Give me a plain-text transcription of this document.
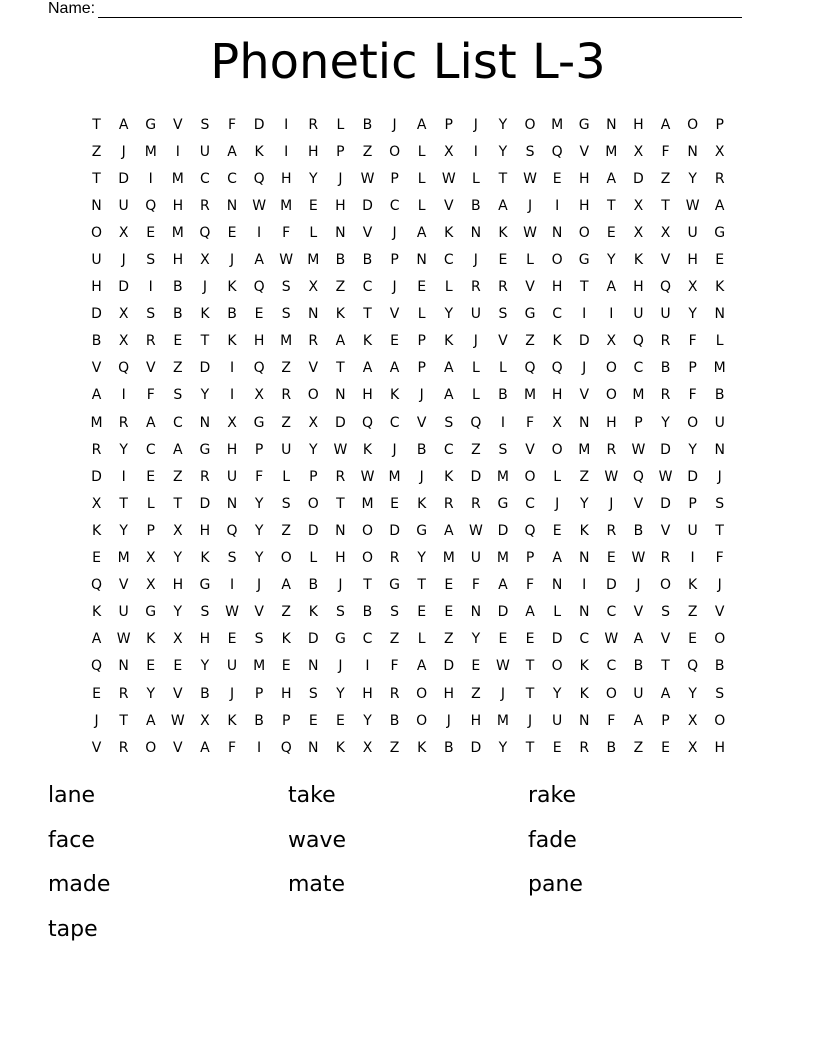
Name:
Phonetic List L-3
T	A	G	V	S	F	D	I	R	L	B	J	A	P	J	Y	O	M	G	N	H	A	O	P
Z	J	M	I	U	A	K	I	H	P	Z	O	L	X	I	Y	S	Q	V	M	X	F	N	X
T	D	I	M	C	C	Q	H	Y	J	W	P	L	W	L	T	W	E	H	A	D	Z	Y	R
N	U	Q	H	R	N	W	M	E	H	D	C	L	V	B	A	J	I	H	T	X	T	W	A
O	X	E	M	Q	E	I	F	L	N	V	J	A	K	N	K	W	N	O	E	X	X	U	G
U	J	S	H	X	J	A	W	M	B	B	P	N	C	J	E	L	O	G	Y	K	V	H	E
H	D	I	B	J	K	Q	S	X	Z	C	J	E	L	R	R	V	H	T	A	H	Q	X	K
D	X	S	B	K	B	E	S	N	K	T	V	L	Y	U	S	G	C	I	I	U	U	Y	N
B	X	R	E	T	K	H	M	R	A	K	E	P	K	J	V	Z	K	D	X	Q	R	F	L
V	Q	V	Z	D	I	Q	Z	V	T	A	A	P	A	L	L	Q	Q	J	O	C	B	P	M
A	I	F	S	Y	I	X	R	O	N	H	K	J	A	L	B	M	H	V	O	M	R	F	B
M	R	A	C	N	X	G	Z	X	D	Q	C	V	S	Q	I	F	X	N	H	P	Y	O	U
R	Y	C	A	G	H	P	U	Y	W	K	J	B	C	Z	S	V	O	M	R	W	D	Y	N
D	I	E	Z	R	U	F	L	P	R	W	M	J	K	D	M	O	L	Z	W	Q	W	D	J
X	T	L	T	D	N	Y	S	O	T	M	E	K	R	R	G	C	J	Y	J	V	D	P	S
K	Y	P	X	H	Q	Y	Z	D	N	O	D	G	A	W	D	Q	E	K	R	B	V	U	T
E	M	X	Y	K	S	Y	O	L	H	O	R	Y	M	U	M	P	A	N	E	W	R	I	F
Q	V	X	H	G	I	J	A	B	J	T	G	T	E	F	A	F	N	I	D	J	O	K	J
K	U	G	Y	S	W	V	Z	K	S	B	S	E	E	N	D	A	L	N	C	V	S	Z	V
A	W	K	X	H	E	S	K	D	G	C	Z	L	Z	Y	E	E	D	C	W	A	V	E	O
Q	N	E	E	Y	U	M	E	N	J	I	F	A	D	E	W	T	O	K	C	B	T	Q	B
E	R	Y	V	B	J	P	H	S	Y	H	R	O	H	Z	J	T	Y	K	O	U	A	Y	S
J	T	A	W	X	K	B	P	E	E	Y	B	O	J	H	M	J	U	N	F	A	P	X	O
V	R	O	V	A	F	I	Q	N	K	X	Z	K	B	D	Y	T	E	R	B	Z	E	X	H
lane	take	rake
face	wave	fade
made	mate	pane
tape
